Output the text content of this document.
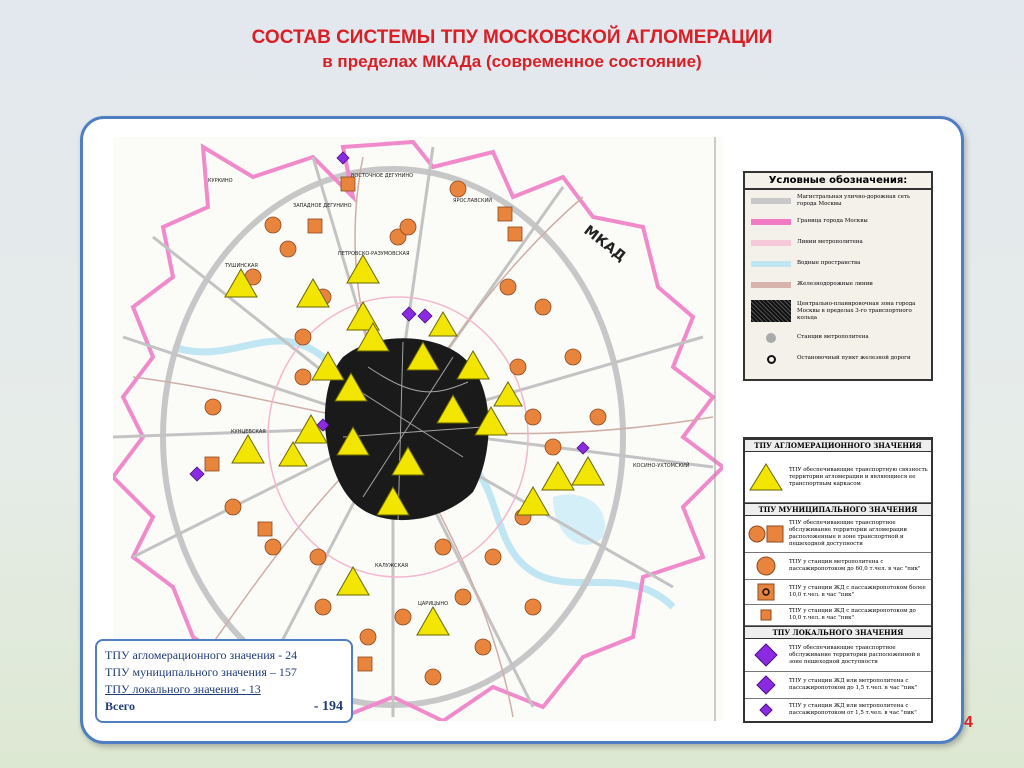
СОСТАВ СИСТЕМЫ ТПУ МОСКОВСКОЙ АГЛОМЕРАЦИИ
в пределах МКАДа (современное состояние)
МКАД
ТУШИНСКАЯ
ЗАПАДНОЕ ДЕГУНИНО
ВОСТОЧНОЕ ДЕГУНИНО
ЯРОСЛАВСКИЙ
ПЕТРОВСКО-РАЗУМОВСКАЯ
КУНЦЕВСКАЯ
КАЛУЖСКАЯ
ЦАРИЦЫНО
КОСИНО-УХТОМСКИЙ
КУРКИНО	Условные обозначения:
Магистральная улично-дорожная сеть города Москвы
Граница города Москвы
Линии метрополитена
Водные пространства
Железнодорожные линии
Центрально-планировочная зона города Москвы в пределах 3-го транспортного кольца
Станции метрополитена
Остановочный пункт железной дороги
ТПУ АГЛОМЕРАЦИОННОГО ЗНАЧЕНИЯ
ТПУ обеспечивающие транспортную связность территории агломерации и являющиеся ее транспортным каркасом
ТПУ МУНИЦИПАЛЬНОГО ЗНАЧЕНИЯ
ТПУ обеспечивающие транспортное обслуживание территории агломерации расположенные в зоне транспортной и пешеходной доступности
ТПУ у станции метрополитена с пассажиропотоком до 60,0 т.чел. в час "пик"
ТПУ у станции ЖД с пассажиропотоком более 10,0 т.чел. в час "пик"
ТПУ у станции ЖД с пассажиропотоком до 10,0 т.чел. в час "пик"
ТПУ ЛОКАЛЬНОГО ЗНАЧЕНИЯ
ТПУ обеспечивающие транспортное обслуживание территории расположенной в зоне пешеходной доступности
ТПУ у станции ЖД или метрополитена с пассажиропотоком до 1,5 т.чел. в час "пик"
ТПУ у станции ЖД или метрополитена с пассажиропотоком от 1,5 т.чел. в час "пик"
ТПУ агломерационного значения - 24
ТПУ муниципального значения – 157
ТПУ локального значения - 13
Всего	- 194
4
